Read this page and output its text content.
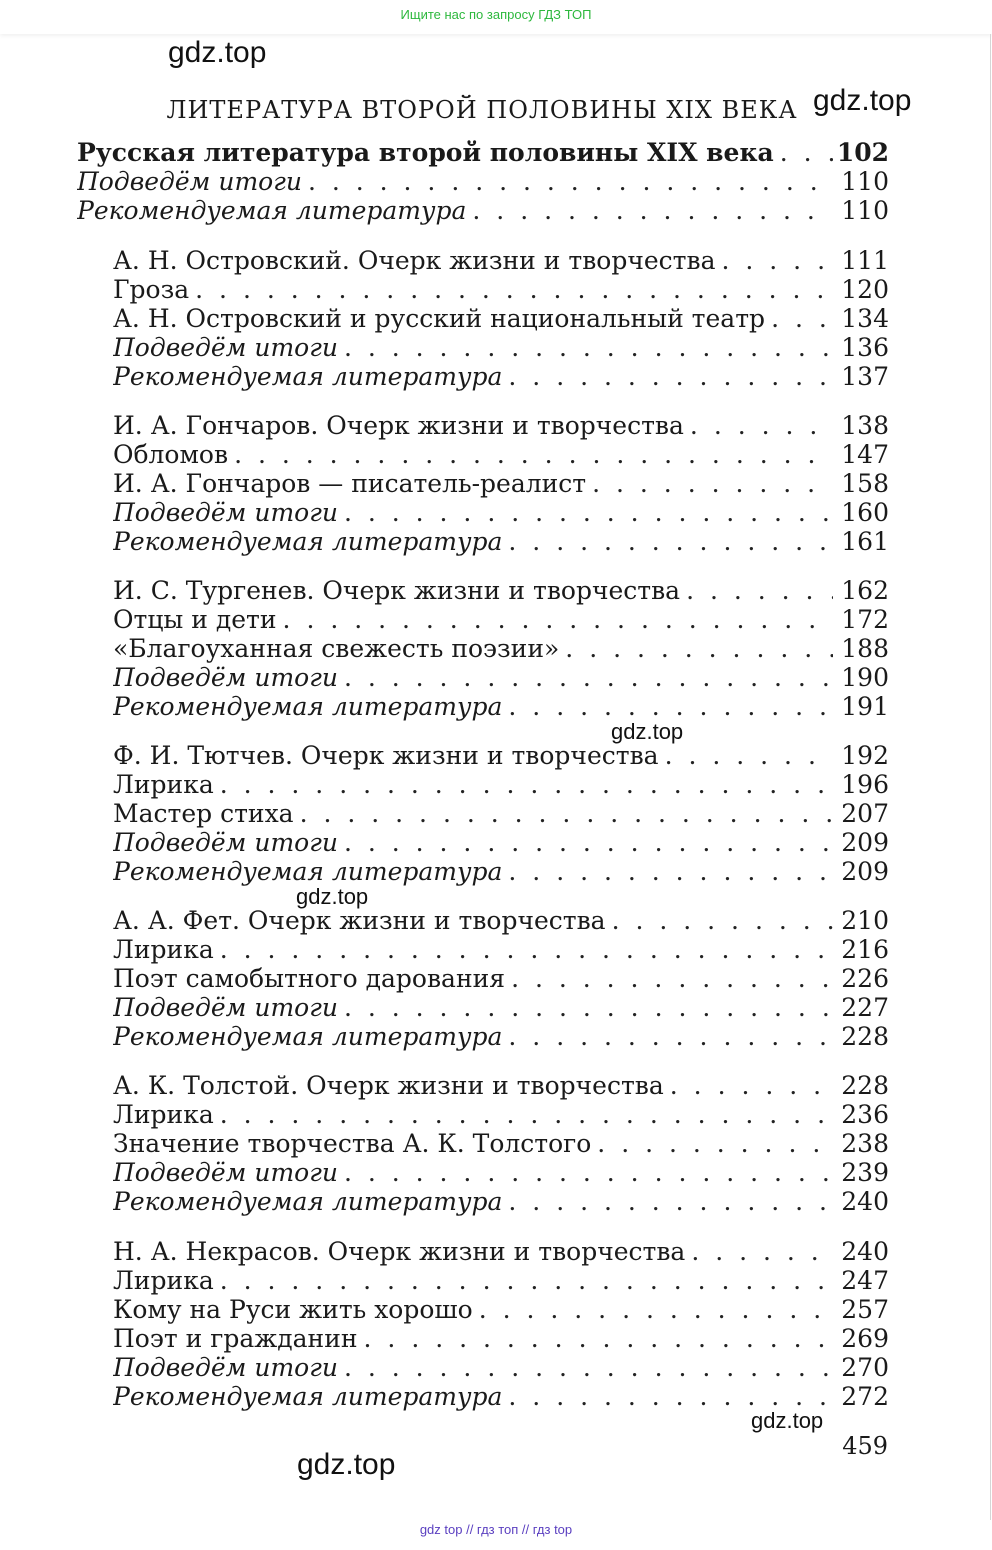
Ищите нас по запросу ГДЗ ТОП
gdz.top
gdz.top
gdz.top
gdz.top
gdz.top
gdz.top
ЛИТЕРАТУРА ВТОРОЙ ПОЛОВИНЫ XIX ВЕКА
Русская литература второй половины XIX века . . .	102
Подведём итоги . . .	110
Рекомендуемая литература . . .	110
А. Н. Островский. Очерк жизни и творчества . . .	111
Гроза . . .	120
А. Н. Островский и русский национальный театр . . .	134
Подведём итоги . . .	136
Рекомендуемая литература . . .	137
И. А. Гончаров. Очерк жизни и творчества . . .	138
Обломов . . .	147
И. А. Гончаров — писатель-реалист . . .	158
Подведём итоги . . .	160
Рекомендуемая литература . . .	161
И. С. Тургенев. Очерк жизни и творчества . . .	162
Отцы и дети . . .	172
«Благоуханная свежесть поэзии» . . .	188
Подведём итоги . . .	190
Рекомендуемая литература . . .	191
Ф. И. Тютчев. Очерк жизни и творчества . . .	192
Лирика . . .	196
Мастер стиха . . .	207
Подведём итоги . . .	209
Рекомендуемая литература . . .	209
А. А. Фет. Очерк жизни и творчества . . .	210
Лирика . . .	216
Поэт самобытного дарования . . .	226
Подведём итоги . . .	227
Рекомендуемая литература . . .	228
А. К. Толстой. Очерк жизни и творчества . . .	228
Лирика . . .	236
Значение творчества А. К. Толстого . . .	238
Подведём итоги . . .	239
Рекомендуемая литература . . .	240
Н. А. Некрасов. Очерк жизни и творчества . . .	240
Лирика . . .	247
Кому на Руси жить хорошо . . .	257
Поэт и гражданин . . .	269
Подведём итоги . . .	270
Рекомендуемая литература . . .	272
459
gdz top // гдз топ // гдз top
